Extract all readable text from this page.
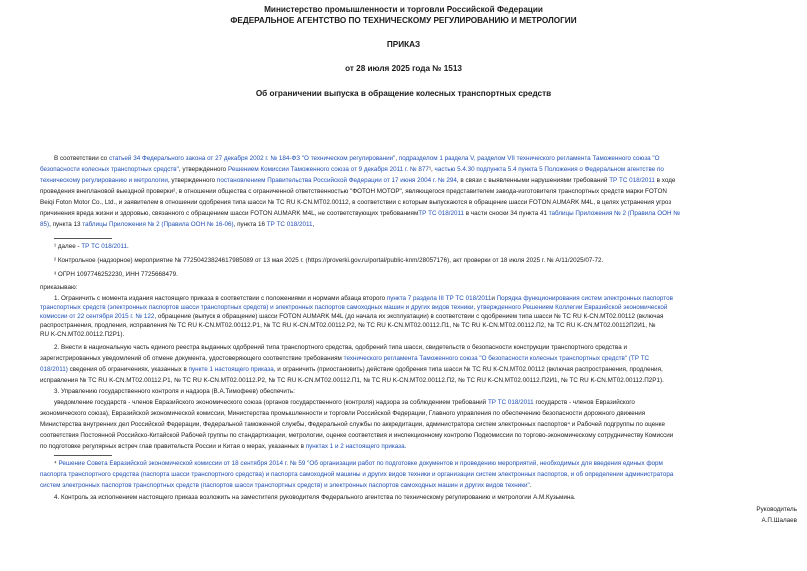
Министерство промышленности и торговли Российской Федерации
ФЕДЕРАЛЬНОЕ АГЕНТСТВО ПО ТЕХНИЧЕСКОМУ РЕГУЛИРОВАНИЮ И МЕТРОЛОГИИ
ПРИКАЗ
от 28 июля 2025 года № 1513
Об ограничении выпуска в обращение колесных транспортных средств
В соответствии со статьей 34 Федерального закона от 27 декабря 2002 г. № 184-ФЗ "О техническом регулировании", подразделом 1 раздела V, разделом VII технического регламента Таможенного союза "О
безопасности колесных транспортных средств", утвержденного Решением Комиссии Таможенного союза от 9 декабря 2011 г. № 877¹, частью 5.4.30 подпункта 5.4 пункта 5 Положения о Федеральном агентстве по
техническому регулированию и метрологии, утвержденного постановлением Правительства Российской Федерации от 17 июня 2004 г. № 294, в связи с выявленными нарушениями требований ТР ТС 018/2011 в ходе
проведения внеплановой выездной проверки², в отношении общества с ограниченной ответственностью "ФОТОН МОТОР", являющегося представителем завода-изготовителя транспортных средств марки FOTON
Beiqi Foton Motor Co., Ltd., и заявителем в отношении одобрения типа шасси № ТС RU К-CN.MT02.00112, в соответствии с которым выпускаются в обращение шасси FOTON AUMARK M4L, в целях устранения угроз
причинения вреда жизни и здоровью, связанного с обращением шасси FOTON AUMARK M4L, не соответствующих требованиямТР ТС 018/2011 в части сноски 34 пункта 41 таблицы Приложения № 2 (Правила ООН №
85), пункта 13 таблицы Приложения № 2 (Правила ООН № 16-06), пункта 16 ТР ТС 018/2011,
¹ далее - ТР ТС 018/2011.
² Контрольное (надзорное) мероприятие № 77250423824617985089 от 13 мая 2025 г. (https://proverki.gov.ru/portal/public-knm/28057176), акт проверки от 18 июля 2025 г. № А/11/2025/07-72.
³ ОГРН 1097746252230, ИНН 7725668479.
приказываю:
1. Ограничить с момента издания настоящего приказа в соответствии с положениями и нормами абзаца второго пункта 7 раздела III ТР ТС 018/2011и Порядка функционирования систем электронных паспортов
транспортных средств (электронных паспортов шасси транспортных средств) и электронных паспортов самоходных машин и других видов техники, утвержденного Решением Коллегии Евразийской экономической
комиссии от 22 сентября 2015 г. № 122, обращение (выпуск в обращение) шасси FOTON AUMARK M4L (до начала их эксплуатации) в соответствии с одобрением типа шасси № ТС RU К-CN.MT02.00112 (включая
распространения, продления, исправления № ТС RU K-CN.MT02.00112.P1, № ТС RU K-CN.MT02.00112.P2, № ТС RU K-CN.MT02.00112.П1, № ТС RU K-CN.MT02.00112.П2, № ТС RU K-CN.MT02.00112П2И1, №
RU K-CN.MT02.00112.П2P1).
2. Внести в национальную часть единого реестра выданных одобрений типа транспортного средства, одобрений типа шасси, свидетельств о безопасности конструкции транспортного средства и
зарегистрированных уведомлений об отмене документа, удостоверяющего соответствие требованиям технического регламента Таможенного союза "О безопасности колесных транспортных средств" (ТР ТС
018/2011) сведения об ограничениях, указанных в пункте 1 настоящего приказа, и ограничить (приостановить) действие одобрения типа шасси № ТС RU К-CN.MT02.00112 (включая распространения, продления,
исправления № ТС RU K-CN.MT02.00112.P1, № ТС RU K-CN.MT02.00112.P2, № ТС RU K-CN.MT02.00112.П1, № ТС RU K-CN.MT02.00112.П2, № ТС RU K-CN.MT02.00112.П2И1, № ТС RU K-CN.MT02.00112.П2P1).
3. Управлению государственного контроля и надзора (В.А.Тимофеев) обеспечить:
уведомление государств - членов Евразийского экономического союза (органов государственного (контроля) надзора за соблюдением требований ТР ТС 018/2011 государств - членов Евразийского
экономического союза), Евразийской экономической комиссии, Министерства промышленности и торговли Российской Федерации, Главного управления по обеспечению безопасности дорожного движения
Министерства внутренних дел Российской Федерации, Федеральной таможенной службы, Федеральной службы по аккредитации, администратора систем электронных паспортов⁴ и Рабочей подгруппы по оценке
соответствия Постоянной Российско-Китайской Рабочей группы по стандартизации, метрологии, оценке соответствия и инспекционному контролю Подкомиссии по торгово-экономическому сотрудничеству Комиссии
по подготовке регулярных встреч глав правительств России и Китая о мерах, указанных в пунктах 1 и 2 настоящего приказа.
⁴ Решение Совета Евразийской экономической комиссии от 18 сентября 2014 г. № 59 "Об организации работ по подготовке документов и проведению мероприятий, необходимых для введения единых форм
паспорта транспортного средства (паспорта шасси транспортного средства) и паспорта самоходной машины и других видов техники и организации систем электронных паспортов, и об определении администратора
систем электронных паспортов транспортных средств (паспортов шасси транспортных средств) и электронных паспортов самоходных машин и других видов техники".
4. Контроль за исполнением настоящего приказа возложить на заместителя руководителя Федерального агентства по техническому регулированию и метрологии А.М.Кузьмина.
Руководитель
А.П.Шалаев
